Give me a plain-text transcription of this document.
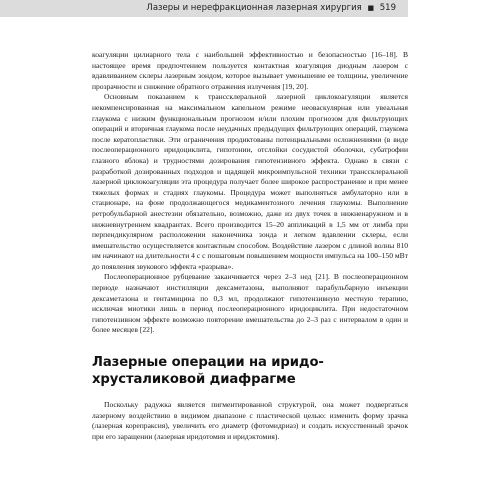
Лазеры и нерефракционная лазерная хирургия ■ 519

коагуляции цилиарного тела с наибольшей эффективностью и безопасностью [16–18]. В настоящее время предпочтением пользуется контактная коагуляция диодным лазером с вдавливанием склеры лазерным зондом, которое вызывает уменьшение ее толщины, увеличение прозрачности и снижение обратного отражения излучения [19, 20].

Основным показанием к транссклеральной лазерной циклокоагуляции является некомпенсированная на максимальном капельном режиме неоваскулярная или увеальная глаукома с низким функциональным прогнозом и/или плохим прогнозом для фильтрующих операций и вторичная глаукома после неудачных предыдущих фильтрующих операций, глаукома после кератопластики. Эти ограничения продиктованы потенциальными осложнениями (в виде послеоперационного иридоциклита, гипотонии, отслойки сосудистой оболочки, субатрофии глазного яблока) и трудностями дозирования гипотензивного эффекта. Однако в связи с разработкой дозированных подходов и щадящей микроимпульсной техники транссклеральной лазерной циклокоагуляции эта процедура получает более широкое распространение и при менее тяжелых формах и стадиях глаукомы. Процедура может выполняться амбулаторно или в стационаре, на фоне продолжающегося медикаментозного лечения глаукомы. Выполнение ретробульбарной анестезии обязательно, возможно, даже из двух точек в нижненаружном и в нижневнутреннем квадрантах. Всего производится 15–20 аппликаций в 1,5 мм от лимба при перпендикулярном расположении наконечника зонда и легком вдавлении склеры, если вмешательство осуществляется контактным способом. Воздействие лазером с длиной волны 810 нм начинают на длительности 4 с с пошаговым повышением мощности импульса на 100–150 мВт до появления звукового эффекта «разрыва».

Послеоперационное рубцевание заканчивается через 2–3 нед [21]. В послеоперационном периоде назначают инстилляции дексаметазона, выполняют парабульбарную инъекции дексаметазона и гентамицина по 0,3 мл, продолжают гипотензивную местную терапию, исключая миотики лишь в период послеоперационного иридоциклита. При недостаточном гипотензивном эффекте возможно повторение вмешательства до 2–3 раз с интервалом в один и более месяцев [22].

Лазерные операции на иридо-хрусталиковой диафрагме

Поскольку радужка является пигментированной структурой, она может подвергаться лазерному воздействию в видимом диапазоне с пластической целью: изменить форму зрачка (лазерная корепраксия), увеличить его диаметр (фотомидриаз) и создать искусственный зрачок при его заращении (лазерная иридотомия и иридэктомия).
